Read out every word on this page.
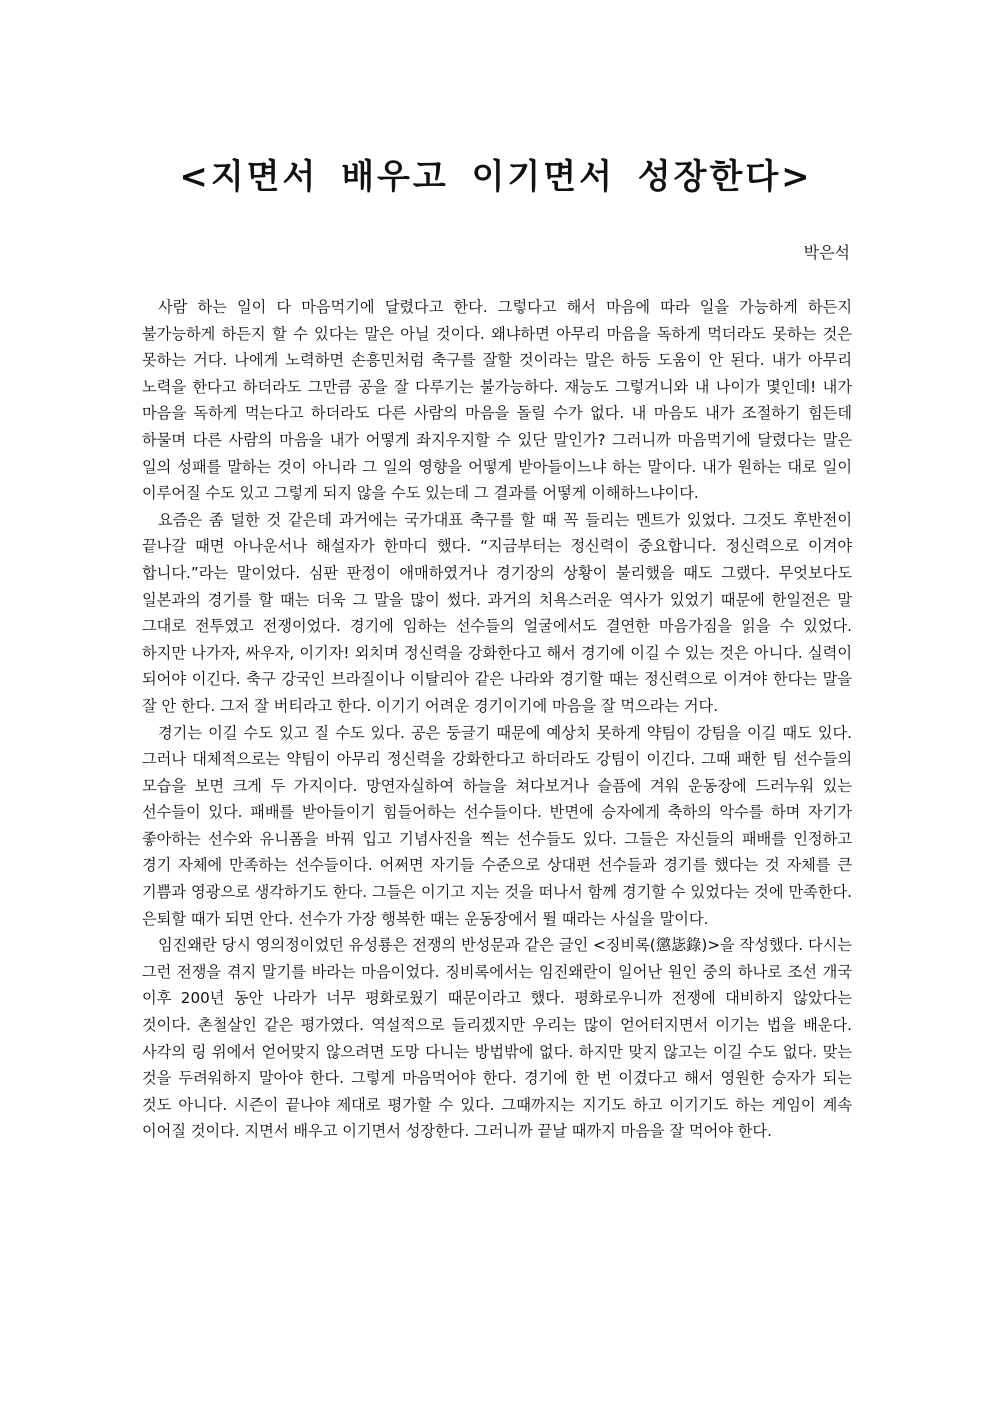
<지면서 배우고 이기면서 성장한다>
박은석

사람 하는 일이 다 마음먹기에 달렸다고 한다. 그렇다고 해서 마음에 따라 일을 가능하게 하든지 불가능하게 하든지 할 수 있다는 말은 아닐 것이다. 왜냐하면 아무리 마음을 독하게 먹더라도 못하는 것은 못하는 거다. 나에게 노력하면 손흥민처럼 축구를 잘할 것이라는 말은 하등 도움이 안 된다. 내가 아무리 노력을 한다고 하더라도 그만큼 공을 잘 다루기는 불가능하다. 재능도 그렇거니와 내 나이가 몇인데! 내가 마음을 독하게 먹는다고 하더라도 다른 사람의 마음을 돌릴 수가 없다. 내 마음도 내가 조절하기 힘든데 하물며 다른 사람의 마음을 내가 어떻게 좌지우지할 수 있단 말인가? 그러니까 마음먹기에 달렸다는 말은 일의 성패를 말하는 것이 아니라 그 일의 영향을 어떻게 받아들이느냐 하는 말이다. 내가 원하는 대로 일이 이루어질 수도 있고 그렇게 되지 않을 수도 있는데 그 결과를 어떻게 이해하느냐이다.

요즘은 좀 덜한 것 같은데 과거에는 국가대표 축구를 할 때 꼭 들리는 멘트가 있었다. 그것도 후반전이 끝나갈 때면 아나운서나 해설자가 한마디 했다. “지금부터는 정신력이 중요합니다. 정신력으로 이겨야 합니다.”라는 말이었다. 심판 판정이 애매하였거나 경기장의 상황이 불리했을 때도 그랬다. 무엇보다도 일본과의 경기를 할 때는 더욱 그 말을 많이 썼다. 과거의 치욕스러운 역사가 있었기 때문에 한일전은 말 그대로 전투였고 전쟁이었다. 경기에 임하는 선수들의 얼굴에서도 결연한 마음가짐을 읽을 수 있었다. 하지만 나가자, 싸우자, 이기자! 외치며 정신력을 강화한다고 해서 경기에 이길 수 있는 것은 아니다. 실력이 되어야 이긴다. 축구 강국인 브라질이나 이탈리아 같은 나라와 경기할 때는 정신력으로 이겨야 한다는 말을 잘 안 한다. 그저 잘 버티라고 한다. 이기기 어려운 경기이기에 마음을 잘 먹으라는 거다.

경기는 이길 수도 있고 질 수도 있다. 공은 둥글기 때문에 예상치 못하게 약팀이 강팀을 이길 때도 있다. 그러나 대체적으로는 약팀이 아무리 정신력을 강화한다고 하더라도 강팀이 이긴다. 그때 패한 팀 선수들의 모습을 보면 크게 두 가지이다. 망연자실하여 하늘을 쳐다보거나 슬픔에 겨워 운동장에 드러누워 있는 선수들이 있다. 패배를 받아들이기 힘들어하는 선수들이다. 반면에 승자에게 축하의 악수를 하며 자기가 좋아하는 선수와 유니폼을 바꿔 입고 기념사진을 찍는 선수들도 있다. 그들은 자신들의 패배를 인정하고 경기 자체에 만족하는 선수들이다. 어쩌면 자기들 수준으로 상대편 선수들과 경기를 했다는 것 자체를 큰 기쁨과 영광으로 생각하기도 한다. 그들은 이기고 지는 것을 떠나서 함께 경기할 수 있었다는 것에 만족한다. 은퇴할 때가 되면 안다. 선수가 가장 행복한 때는 운동장에서 뛸 때라는 사실을 말이다.

임진왜란 당시 영의정이었던 유성룡은 전쟁의 반성문과 같은 글인 <징비록(懲毖錄)>을 작성했다. 다시는 그런 전쟁을 겪지 말기를 바라는 마음이었다. 징비록에서는 임진왜란이 일어난 원인 중의 하나로 조선 개국 이후 200년 동안 나라가 너무 평화로웠기 때문이라고 했다. 평화로우니까 전쟁에 대비하지 않았다는 것이다. 촌철살인 같은 평가였다. 역설적으로 들리겠지만 우리는 많이 얻어터지면서 이기는 법을 배운다. 사각의 링 위에서 얻어맞지 않으려면 도망 다니는 방법밖에 없다. 하지만 맞지 않고는 이길 수도 없다. 맞는 것을 두려워하지 말아야 한다. 그렇게 마음먹어야 한다. 경기에 한 번 이겼다고 해서 영원한 승자가 되는 것도 아니다. 시즌이 끝나야 제대로 평가할 수 있다. 그때까지는 지기도 하고 이기기도 하는 게임이 계속 이어질 것이다. 지면서 배우고 이기면서 성장한다. 그러니까 끝날 때까지 마음을 잘 먹어야 한다.
